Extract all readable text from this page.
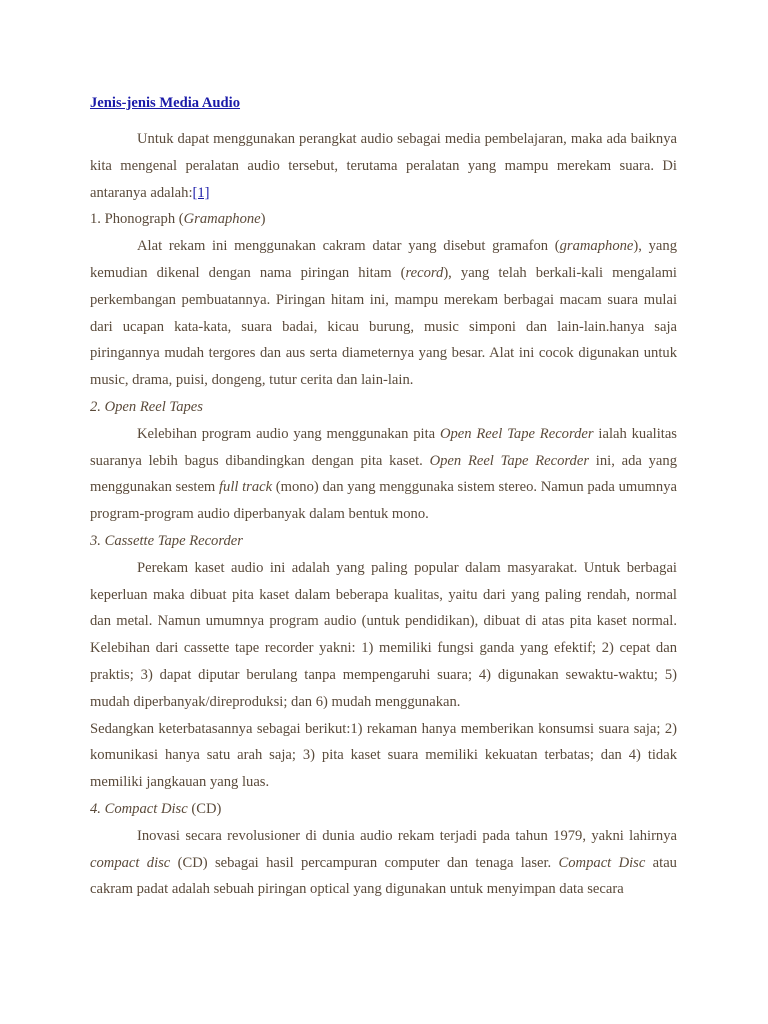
Jenis-jenis Media Audio

Untuk dapat menggunakan perangkat audio sebagai media pembelajaran, maka ada baiknya kita mengenal peralatan audio tersebut, terutama peralatan yang mampu merekam suara. Di antaranya adalah:[1]

1. Phonograph (Gramaphone)

Alat rekam ini menggunakan cakram datar yang disebut gramafon (gramaphone), yang kemudian dikenal dengan nama piringan hitam (record), yang telah berkali-kali mengalami perkembangan pembuatannya. Piringan hitam ini, mampu merekam berbagai macam suara mulai dari ucapan kata-kata, suara badai, kicau burung, music simponi dan lain-lain.hanya saja piringannya mudah tergores dan aus serta diameternya yang besar. Alat ini cocok digunakan untuk music, drama, puisi, dongeng, tutur cerita dan lain-lain.

2. Open Reel Tapes

Kelebihan program audio yang menggunakan pita Open Reel Tape Recorder ialah kualitas suaranya lebih bagus dibandingkan dengan pita kaset. Open Reel Tape Recorder ini, ada yang menggunakan sestem full track (mono) dan yang menggunaka sistem stereo. Namun pada umumnya program-program audio diperbanyak dalam bentuk mono.

3. Cassette Tape Recorder

Perekam kaset audio ini adalah yang paling popular dalam masyarakat. Untuk berbagai keperluan maka dibuat pita kaset dalam beberapa kualitas, yaitu dari yang paling rendah, normal dan metal. Namun umumnya program audio (untuk pendidikan), dibuat di atas pita kaset normal. Kelebihan dari cassette tape recorder yakni: 1) memiliki fungsi ganda yang efektif; 2) cepat dan praktis; 3) dapat diputar berulang tanpa mempengaruhi suara; 4) digunakan sewaktu-waktu; 5) mudah diperbanyak/direproduksi; dan 6) mudah menggunakan.

Sedangkan keterbatasannya sebagai berikut:1) rekaman hanya memberikan konsumsi suara saja; 2) komunikasi hanya satu arah saja; 3) pita kaset suara memiliki kekuatan terbatas; dan 4) tidak memiliki jangkauan yang luas.

4. Compact Disc (CD)

Inovasi secara revolusioner di dunia audio rekam terjadi pada tahun 1979, yakni lahirnya compact disc (CD) sebagai hasil percampuran computer dan tenaga laser. Compact Disc atau cakram padat adalah sebuah piringan optical yang digunakan untuk menyimpan data secara
